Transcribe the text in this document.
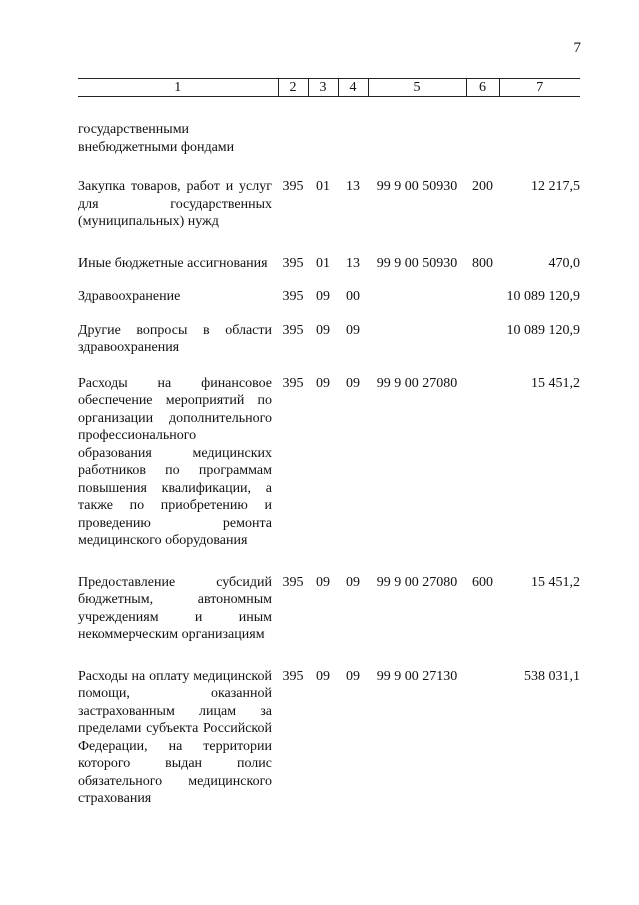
7
1	2	3	4	5	6	7

государственными внебюджетными фондами						

Закупка товаров, работ и услуг для государственных (муниципальных) нужд	395	01	13	99 9 00 50930	200	12 217,5

Иные бюджетные ассигнования	395	01	13	99 9 00 50930	800	470,0

Здравоохранение	395	09	00			10 089 120,9

Другие вопросы в области здравоохранения	395	09	09			10 089 120,9

Расходы на финансовое обеспечение мероприятий по организации дополнительного профессионального образования медицинских работников по программам повышения квалификации, а также по приобретению и проведению ремонта медицинского оборудования	395	09	09	99 9 00 27080		15 451,2

Предоставление субсидий бюджетным, автономным учреждениям и иным некоммерческим организациям	395	09	09	99 9 00 27080	600	15 451,2

Расходы на оплату медицинской помощи, оказанной застрахованным лицам за пределами субъекта Российской Федерации, на территории которого выдан полис обязательного медицинского страхования	395	09	09	99 9 00 27130		538 031,1
